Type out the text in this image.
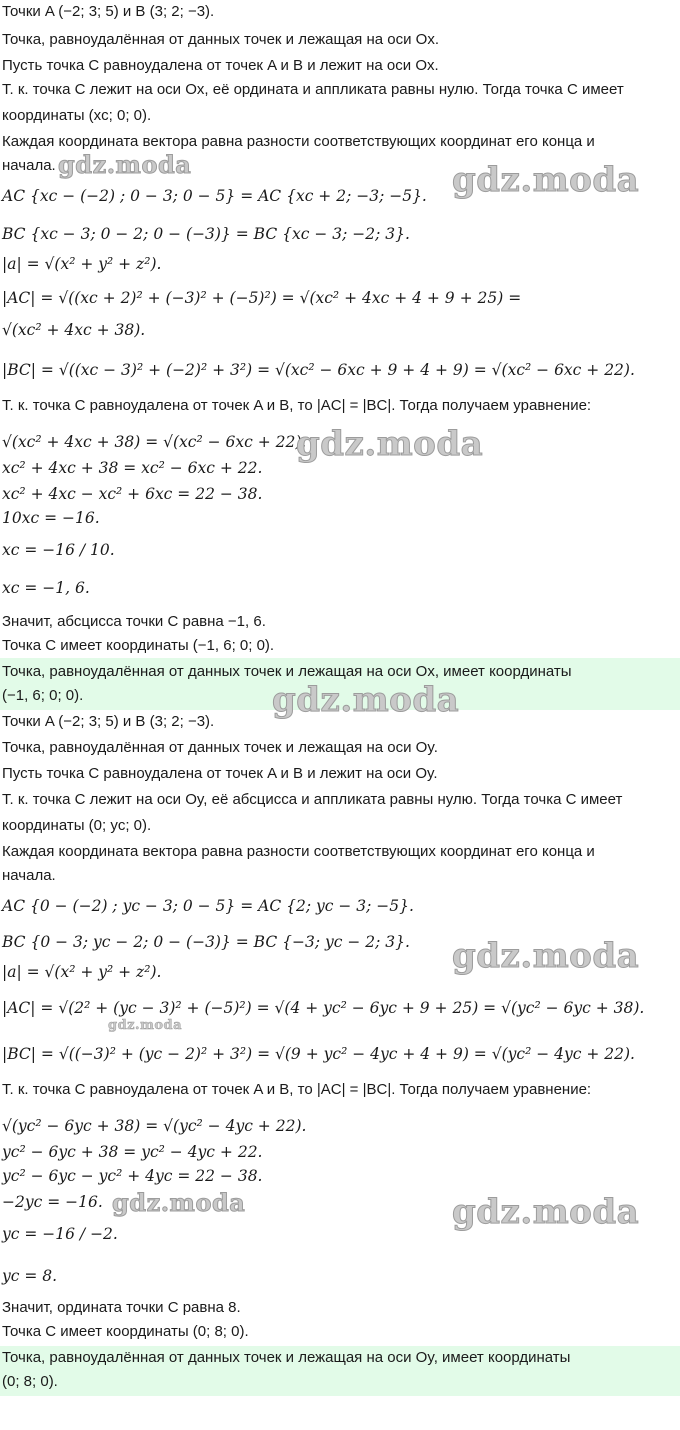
Точки A (−2; 3; 5) и B (3; 2; −3).
Точка, равноудалённая от данных точек и лежащая на оси Ox.
Пусть точка C равноудалена от точек A и B и лежит на оси Ox.
Т. к. точка C лежит на оси Ox, её ордината и аппликата равны нулю. Тогда точка C имеет
координаты (xc; 0; 0).
Каждая координата вектора равна разности соответствующих координат его конца и
начала.
AC {xc − (−2) ; 0 − 3; 0 − 5} = AC {xc + 2; −3; −5}.
BC {xc − 3; 0 − 2; 0 − (−3)} = BC {xc − 3; −2; 3}.
|a| = √(x² + y² + z²).
|AC| = √((xc + 2)² + (−3)² + (−5)²) = √(xc² + 4xc + 4 + 9 + 25) =
√(xc² + 4xc + 38).
|BC| = √((xc − 3)² + (−2)² + 3²) = √(xc² − 6xc + 9 + 4 + 9) = √(xc² − 6xc + 22).
Т. к. точка C равноудалена от точек A и B, то |AC| = |BC|. Тогда получаем уравнение:
√(xc² + 4xc + 38) = √(xc² − 6xc + 22).
xc² + 4xc + 38 = xc² − 6xc + 22.
xc² + 4xc − xc² + 6xc = 22 − 38.
10xc = −16.
xc = −16 / 10.
xc = −1, 6.
Значит, абсцисса точки C равна −1, 6.
Точка C имеет координаты (−1, 6; 0; 0).
Точка, равноудалённая от данных точек и лежащая на оси Ox, имеет координаты
(−1, 6; 0; 0).
Точки A (−2; 3; 5) и B (3; 2; −3).
Точка, равноудалённая от данных точек и лежащая на оси Oy.
Пусть точка C равноудалена от точек A и B и лежит на оси Oy.
Т. к. точка C лежит на оси Oy, её абсцисса и аппликата равны нулю. Тогда точка C имеет
координаты (0; yc; 0).
Каждая координата вектора равна разности соответствующих координат его конца и
начала.
AC {0 − (−2) ; yc − 3; 0 − 5} = AC {2; yc − 3; −5}.
BC {0 − 3; yc − 2; 0 − (−3)} = BC {−3; yc − 2; 3}.
|a| = √(x² + y² + z²).
|AC| = √(2² + (yc − 3)² + (−5)²) = √(4 + yc² − 6yc + 9 + 25) = √(yc² − 6yc + 38).
|BC| = √((−3)² + (yc − 2)² + 3²) = √(9 + yc² − 4yc + 4 + 9) = √(yc² − 4yc + 22).
Т. к. точка C равноудалена от точек A и B, то |AC| = |BC|. Тогда получаем уравнение:
√(yc² − 6yc + 38) = √(yc² − 4yc + 22).
yc² − 6yc + 38 = yc² − 4yc + 22.
yc² − 6yc − yc² + 4yc = 22 − 38.
−2yc = −16.
yc = −16 / −2.
yc = 8.
Значит, ордината точки C равна 8.
Точка C имеет координаты (0; 8; 0).
Точка, равноудалённая от данных точек и лежащая на оси Oy, имеет координаты
(0; 8; 0).
gdz.moda	gdz.moda
gdz.moda
gdz.moda
gdz.moda
gdz.moda
gdz.moda	gdz.moda
